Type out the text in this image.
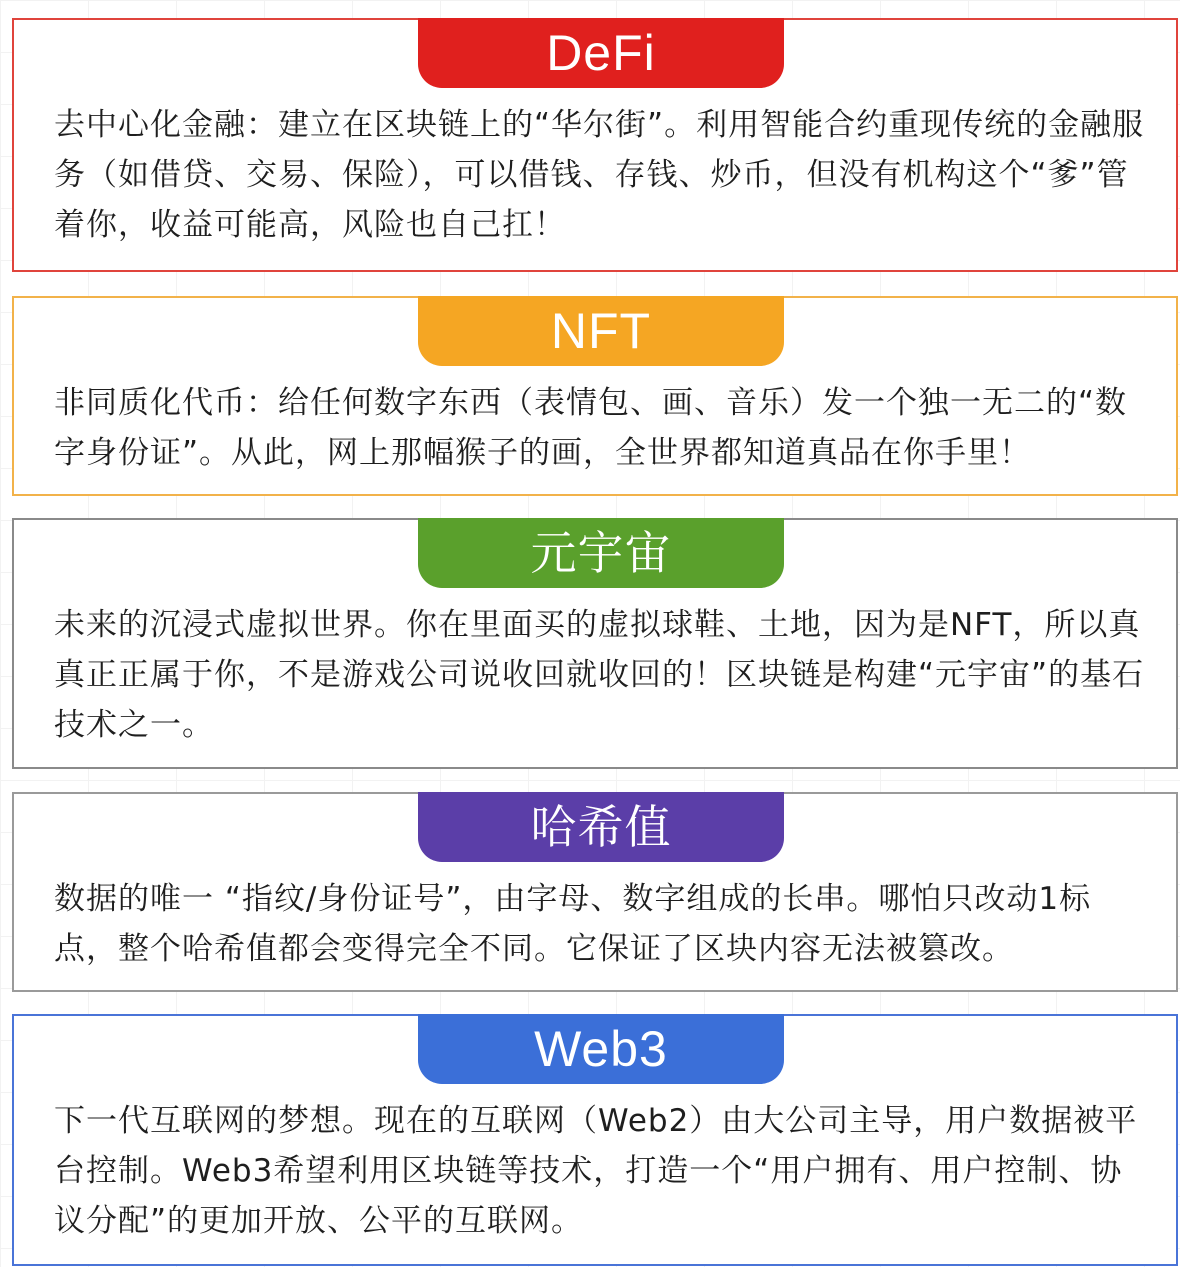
DeFi

去中心化金融：建立在区块链上的“华尔街”。利用智能合约重现传统的金融服务（如借贷、交易、保险），可以借钱、存钱、炒币，但没有机构这个“爹”管着你，收益可能高，风险也自己扛！

NFT

非同质化代币：给任何数字东西（表情包、画、音乐）发一个独一无二的“数字身份证”。从此，网上那幅猴子的画，全世界都知道真品在你手里！

元宇宙

未来的沉浸式虚拟世界。你在里面买的虚拟球鞋、土地，因为是NFT，所以真真正正属于你，不是游戏公司说收回就收回的！区块链是构建“元宇宙”的基石技术之一。

哈希值

数据的唯一 “指纹/身份证号”，由字母、数字组成的长串。哪怕只改动1标点，整个哈希值都会变得完全不同。它保证了区块内容无法被篡改。

Web3

下一代互联网的梦想。现在的互联网（Web2）由大公司主导，用户数据被平台控制。Web3希望利用区块链等技术，打造一个“用户拥有、用户控制、协议分配”的更加开放、公平的互联网。
